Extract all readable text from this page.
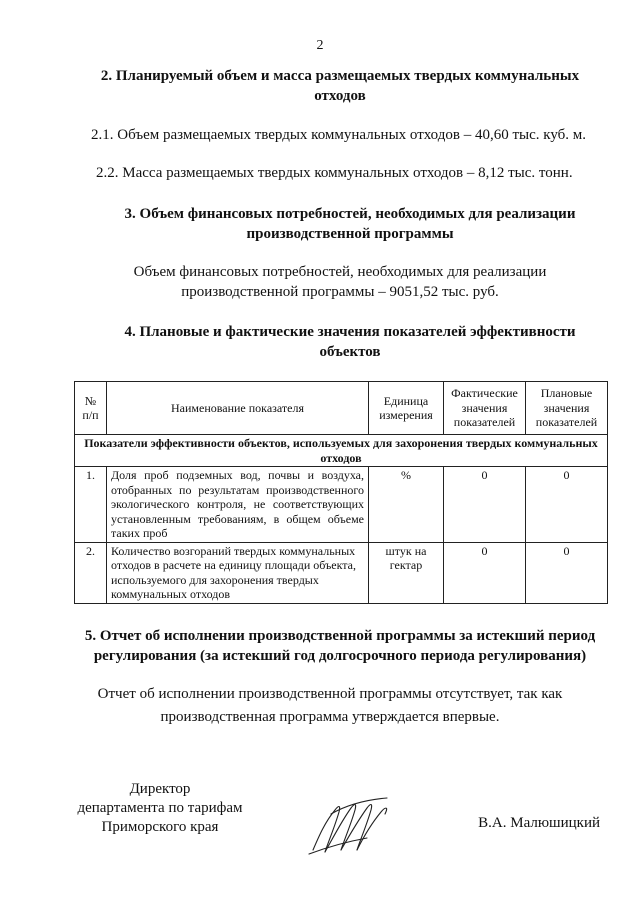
2
2. Планируемый объем и масса размещаемых твердых коммунальных
отходов
2.1. Объем размещаемых твердых коммунальных отходов – 40,60 тыс. куб. м.
2.2. Масса размещаемых твердых коммунальных отходов – 8,12 тыс. тонн.
3. Объем финансовых потребностей, необходимых для реализации
производственной программы
Объем финансовых потребностей, необходимых для реализации
производственной программы – 9051,52 тыс. руб.
4. Плановые и фактические значения показателей эффективности
объектов
№ п/п	Наименование показателя	Единица измерения	Фактические значения показателей	Плановые значения показателей
Показатели эффективности объектов, используемых для захоронения твердых коммунальных отходов				
1.	Доля проб подземных вод, почвы и воздуха, отобранных по результатам производственного экологического контроля, не соответствующих установленным требованиям, в общем объеме таких проб	%	0	0
2.	Количество возгораний твердых коммунальных отходов в расчете на единицу площади объекта, используемого для захоронения твердых коммунальных отходов	штук на гектар	0	0
5. Отчет об исполнении производственной программы за истекший период
регулирования (за истекший год долгосрочного периода регулирования)
Отчет об исполнении производственной программы отсутствует, так как
производственная программа утверждается впервые.
Директор
департамента по тарифам
Приморского края	В.А. Малюшицкий
